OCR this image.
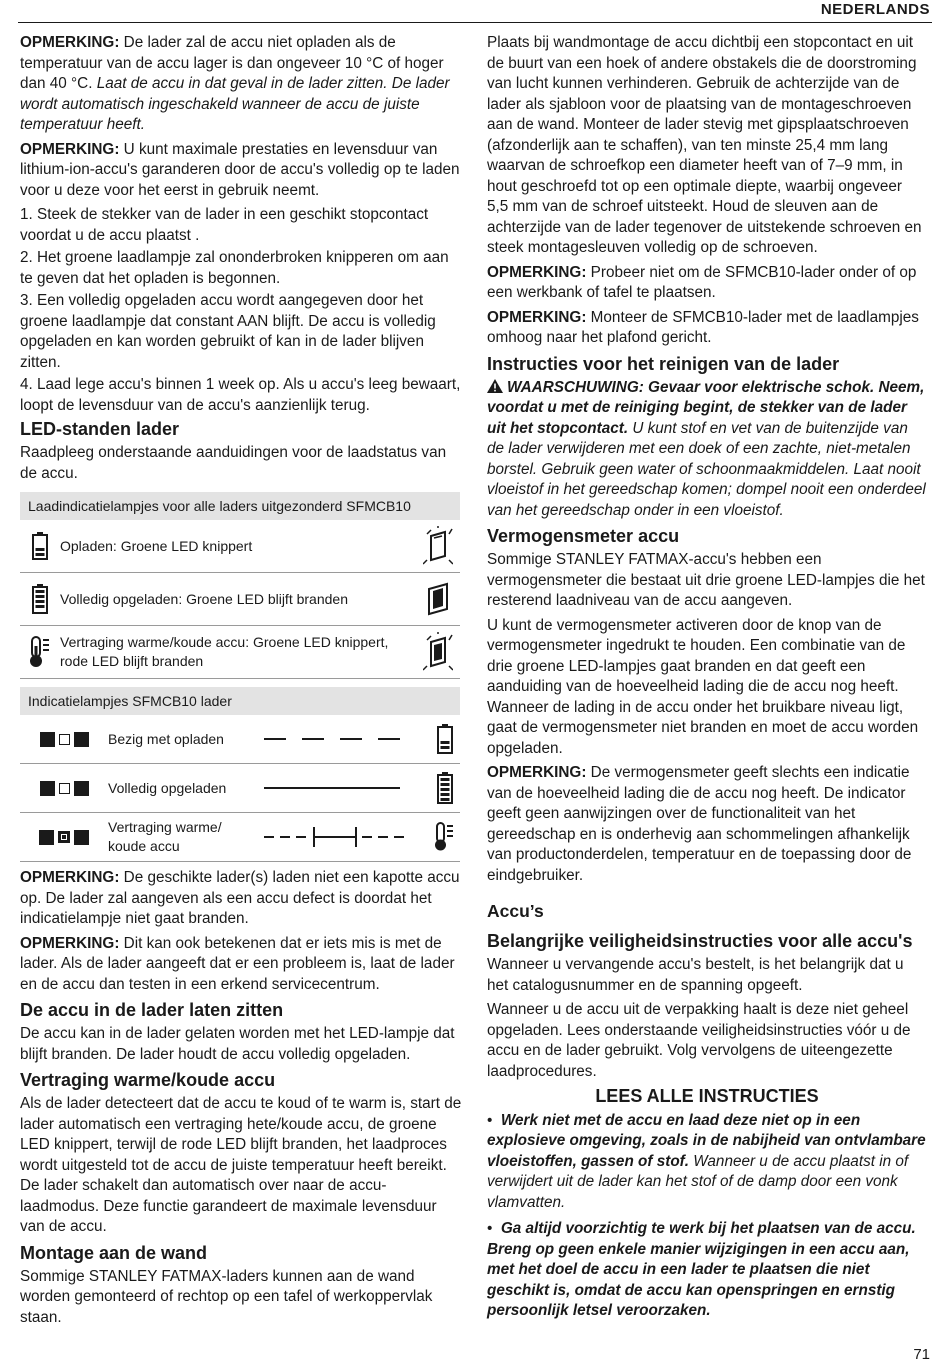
NEDERLANDS

OPMERKING: De lader zal de accu niet opladen als de temperatuur van de accu lager is dan ongeveer 10 °C of hoger dan 40 °C. Laat de accu in dat geval in de lader zitten. De lader wordt automatisch ingeschakeld wanneer de accu de juiste temperatuur heeft.

OPMERKING: U kunt maximale prestaties en levensduur van lithium-ion-accu's garanderen door de accu's volledig op te laden voor u deze voor het eerst in gebruik neemt.

1. Steek de stekker van de lader in een geschikt stopcontact voordat u de accu plaatst .

2. Het groene laadlampje zal ononderbroken knipperen om aan te geven dat het opladen is begonnen.

3. Een volledig opgeladen accu wordt aangegeven door het groene laadlampje dat constant AAN blijft. De accu is volledig opgeladen en kan worden gebruikt of kan in de lader blijven zitten.

4. Laad lege accu's binnen 1 week op. Als u accu's leeg bewaart, loopt de levensduur van de accu's aanzienlijk terug.

LED-standen lader

Raadpleeg onderstaande aanduidingen voor de laadstatus van de accu.

Laadindicatielampjes voor alle laders uitgezonderd SFMCB10
Opladen: Groene LED knippert
Volledig opgeladen: Groene LED blijft branden
Vertraging warme/koude accu: Groene LED knippert, rode LED blijft branden
Indicatielampjes SFMCB10 lader
Bezig met opladen
Volledig opgeladen
Vertraging warme/ koude accu

OPMERKING: De geschikte lader(s) laden niet een kapotte accu op. De lader zal aangeven als een accu defect is doordat het indicatielampje niet gaat branden.

OPMERKING: Dit kan ook betekenen dat er iets mis is met de lader. Als de lader aangeeft dat er een probleem is, laat de lader en de accu dan testen in een erkend servicecentrum.

De accu in de lader laten zitten

De accu kan in de lader gelaten worden met het LED-lampje dat blijft branden. De lader houdt de accu volledig opgeladen.

Vertraging warme/koude accu

Als de lader detecteert dat de accu te koud of te warm is, start de lader automatisch een vertraging hete/koude accu, de groene LED knippert, terwijl de rode LED blijft branden, het laadproces wordt uitgesteld tot de accu de juiste temperatuur heeft bereikt. De lader schakelt dan automatisch over naar de accu-laadmodus. Deze functie garandeert de maximale levensduur van de accu.

Montage aan de wand

Sommige STANLEY FATMAX-laders kunnen aan de wand worden gemonteerd of rechtop op een tafel of werkoppervlak staan.

Plaats bij wandmontage de accu dichtbij een stopcontact en uit de buurt van een hoek of andere obstakels die de doorstroming van lucht kunnen verhinderen. Gebruik de achterzijde van de lader als sjabloon voor de plaatsing van de montageschroeven aan de wand. Monteer de lader stevig met gipsplaatschroeven (afzonderlijk aan te schaffen), van ten minste 25,4 mm lang waarvan de schroefkop een diameter heeft van of 7–9 mm, in hout geschroefd tot op een optimale diepte, waarbij ongeveer 5,5 mm van de schroef uitsteekt. Houd de sleuven aan de achterzijde van de lader tegenover de uitstekende schroeven en steek montagesleuven volledig op de schroeven.

OPMERKING: Probeer niet om de SFMCB10-lader onder of op een werkbank of tafel te plaatsen.

OPMERKING: Monteer de SFMCB10-lader met de laadlampjes omhoog naar het plafond gericht.

Instructies voor het reinigen van de lader

WAARSCHUWING: Gevaar voor elektrische schok. Neem, voordat u met de reiniging begint, de stekker van de lader uit het stopcontact. U kunt stof en vet van de buitenzijde van de lader verwijderen met een doek of een zachte, niet-metalen borstel. Gebruik geen water of schoonmaakmiddelen. Laat nooit vloeistof in het gereedschap komen; dompel nooit een onderdeel van het gereedschap onder in een vloeistof.

Vermogensmeter accu

Sommige STANLEY FATMAX-accu's hebben een vermogensmeter die bestaat uit drie groene LED-lampjes die het resterend laadniveau van de accu aangeven.

U kunt de vermogensmeter activeren door de knop van de vermogensmeter ingedrukt te houden. Een combinatie van de drie groene LED-lampjes gaat branden en dat geeft een aanduiding van de hoeveelheid lading die de accu nog heeft. Wanneer de lading in de accu onder het bruikbare niveau ligt, gaat de vermogensmeter niet branden en moet de accu worden opgeladen.

OPMERKING: De vermogensmeter geeft slechts een indicatie van de hoeveelheid lading die de accu nog heeft. De indicator geeft geen aanwijzingen over de functionaliteit van het gereedschap en is onderhevig aan schommelingen afhankelijk van productonderdelen, temperatuur en de toepassing door de eindgebruiker.

Accu’s
Belangrijke veiligheidsinstructies voor alle accu's

Wanneer u vervangende accu's bestelt, is het belangrijk dat u het catalogusnummer en de spanning opgeeft.

Wanneer u de accu uit de verpakking haalt is deze niet geheel opgeladen. Lees onderstaande veiligheidsinstructies vóór u de accu en de lader gebruikt. Volg vervolgens de uiteengezette laadprocedures.

LEES ALLE INSTRUCTIES

•  Werk niet met de accu en laad deze niet op in een explosieve omgeving, zoals in de nabijheid van ontvlambare vloeistoffen, gassen of stof. Wanneer u de accu plaatst in of verwijdert uit de lader kan het stof of de damp door een vonk vlamvatten.

•  Ga altijd voorzichtig te werk bij het plaatsen van de accu. Breng op geen enkele manier wijzigingen in een accu aan, met het doel de accu in een lader te plaatsen die niet geschikt is, omdat de accu kan openspringen en ernstig persoonlijk letsel veroorzaken.

71
